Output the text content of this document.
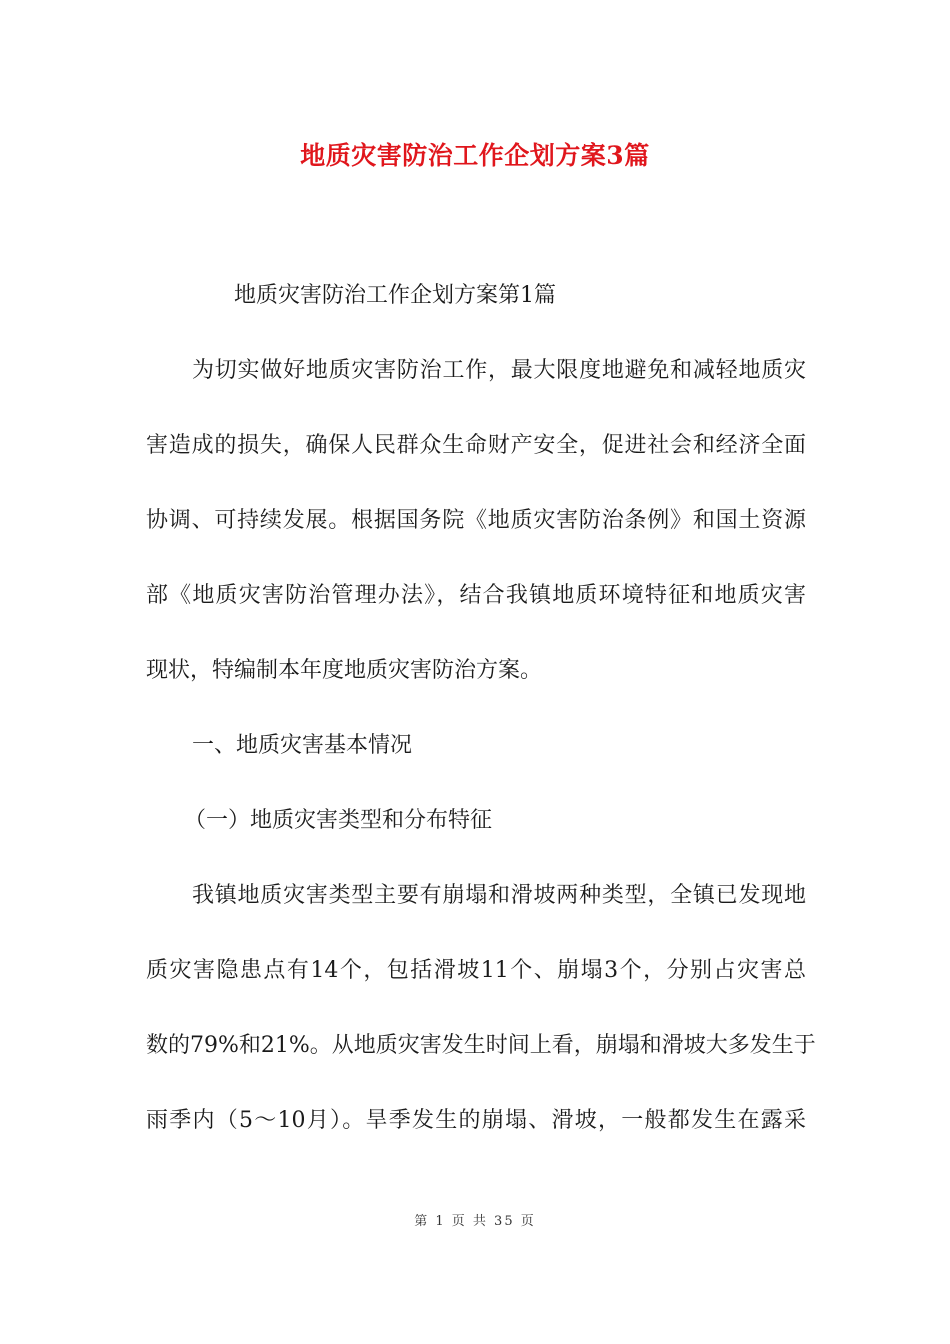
地质灾害防治工作企划方案3篇
地质灾害防治工作企划方案第1篇
为切实做好地质灾害防治工作，最大限度地避免和减轻地质灾
害造成的损失，确保人民群众生命财产安全，促进社会和经济全面
协调、可持续发展。根据国务院《地质灾害防治条例》和国土资源
部《地质灾害防治管理办法》，结合我镇地质环境特征和地质灾害
现状，特编制本年度地质灾害防治方案。
一、地质灾害基本情况
（一）地质灾害类型和分布特征
我镇地质灾害类型主要有崩塌和滑坡两种类型，全镇已发现地
质灾害隐患点有14个，包括滑坡11个、崩塌3个，分别占灾害总
数的79%和21%。从地质灾害发生时间上看，崩塌和滑坡大多发生于
雨季内（5～10月）。旱季发生的崩塌、滑坡，一般都发生在露采
第 1 页 共 35 页
